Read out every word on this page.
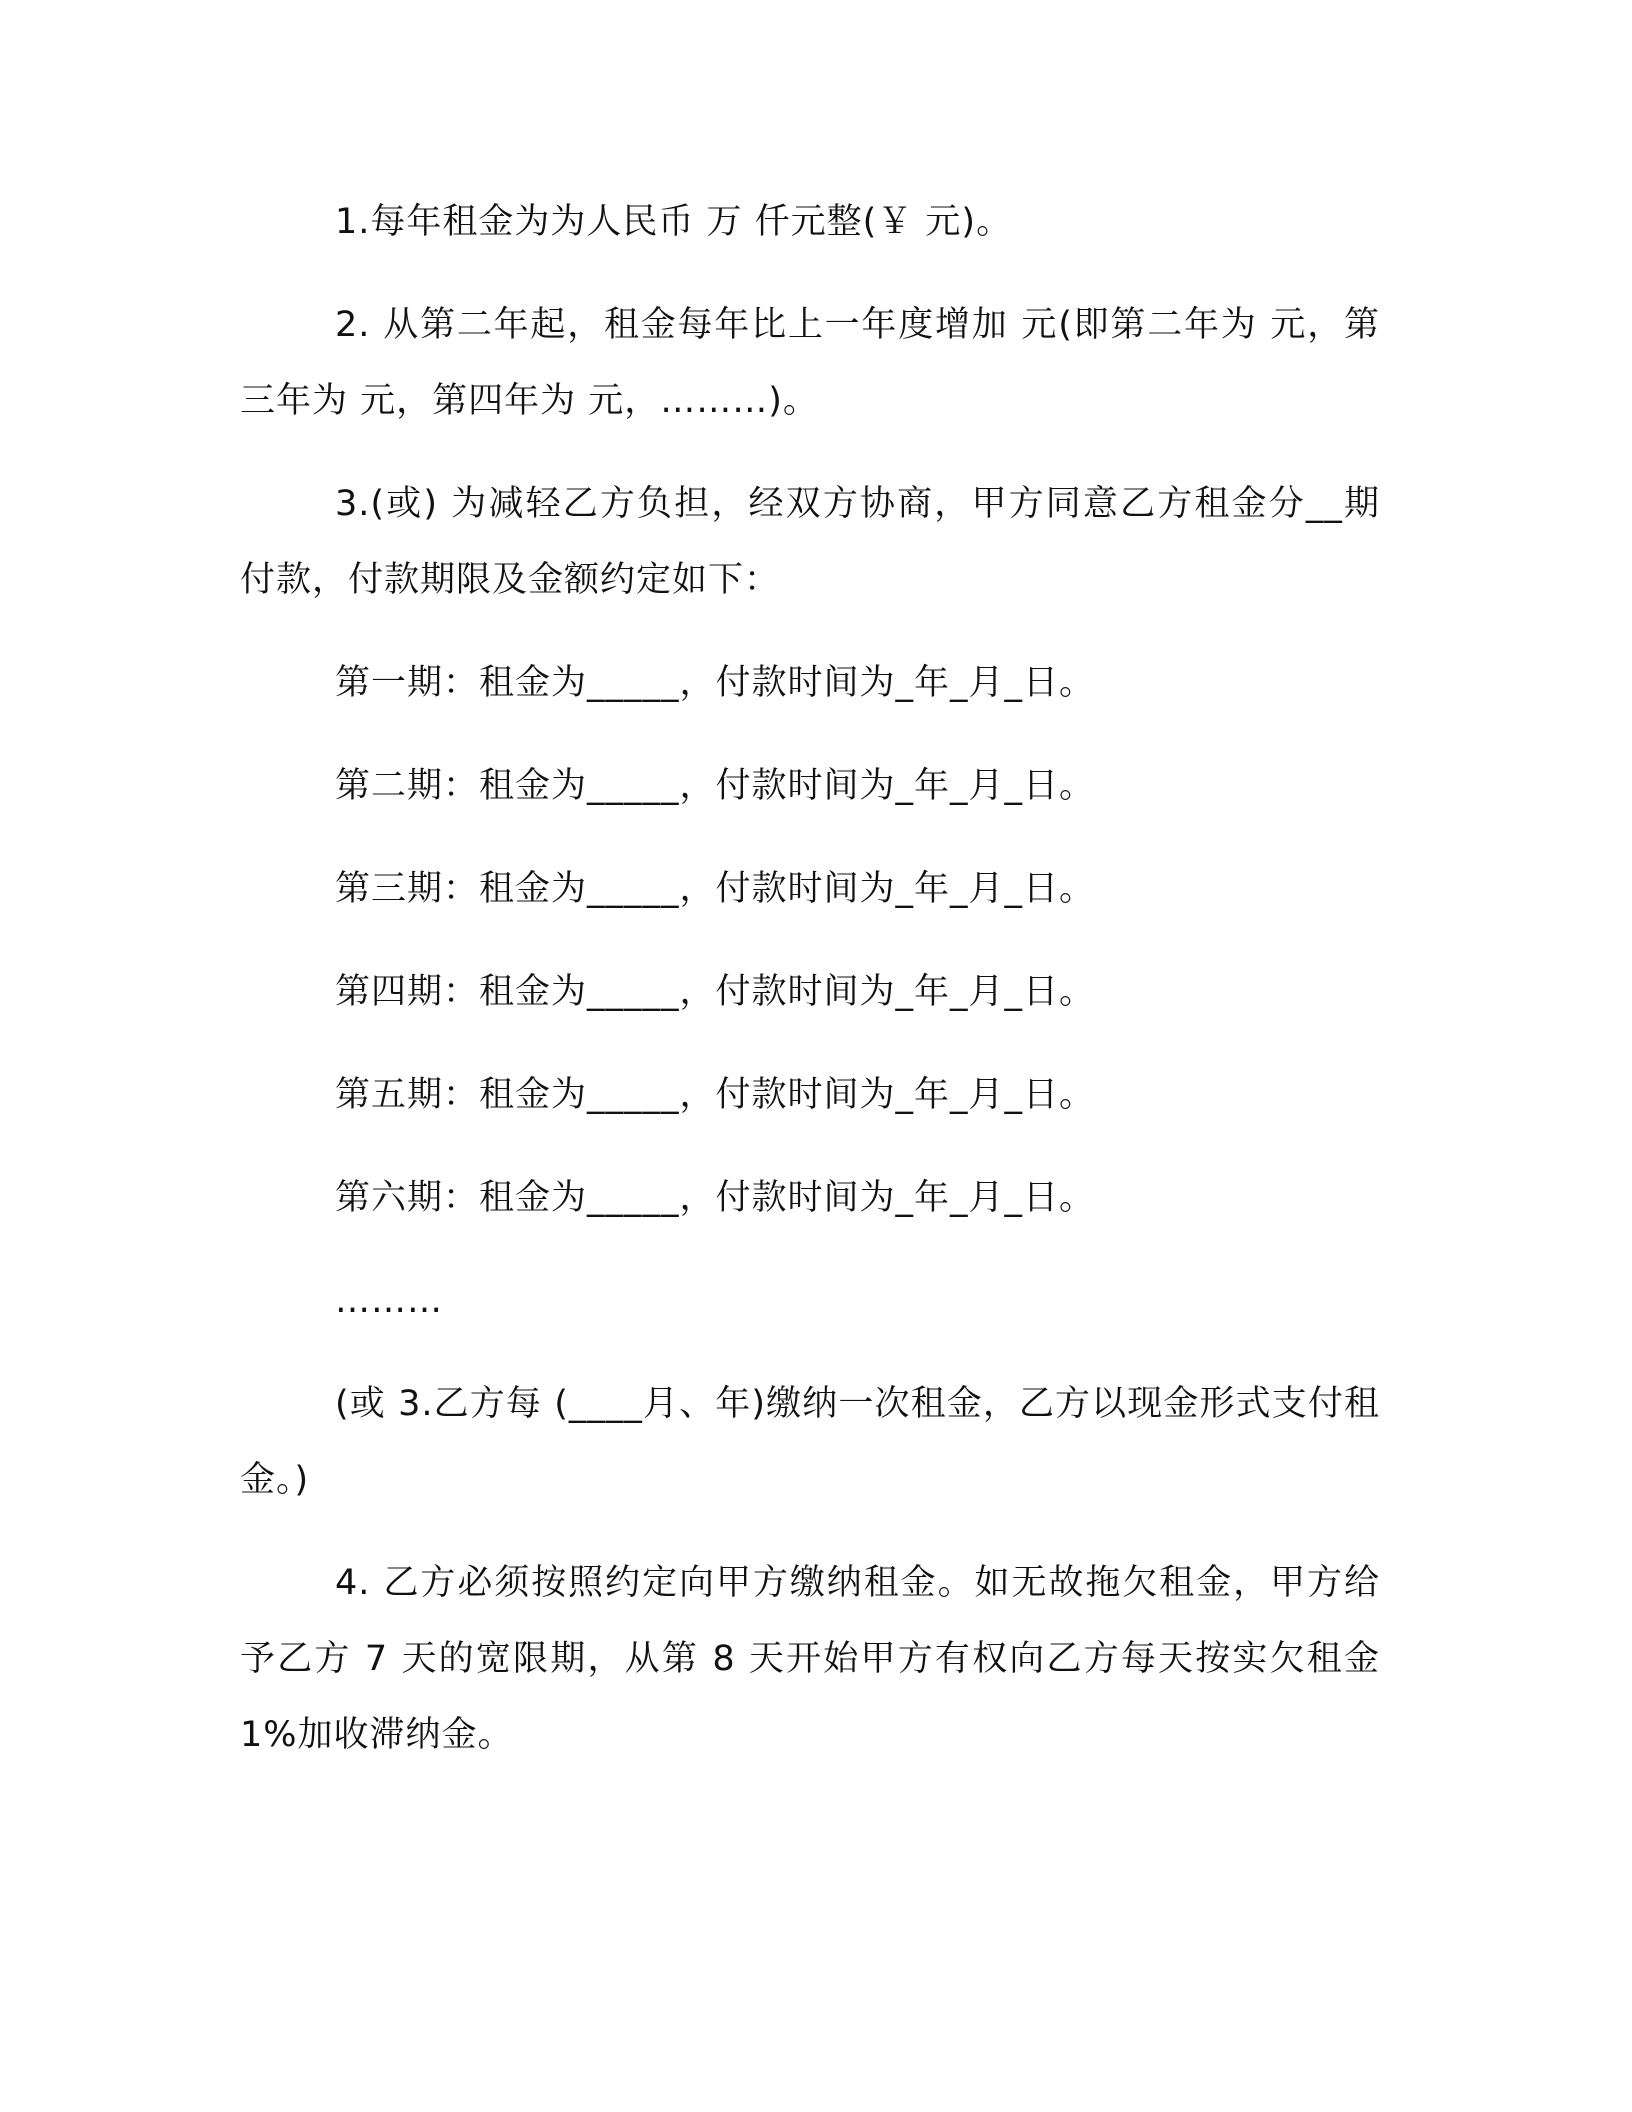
1.每年租金为为人民币 万 仟元整(￥ 元)。

2. 从第二年起，租金每年比上一年度增加 元(即第二年为 元，第三年为 元，第四年为 元，………)。

3.(或) 为减轻乙方负担，经双方协商，甲方同意乙方租金分__期付款，付款期限及金额约定如下：

第一期：租金为_____，付款时间为_年_月_日。

第二期：租金为_____，付款时间为_年_月_日。

第三期：租金为_____，付款时间为_年_月_日。

第四期：租金为_____，付款时间为_年_月_日。

第五期：租金为_____，付款时间为_年_月_日。

第六期：租金为_____，付款时间为_年_月_日。

………

(或 3.乙方每 (____月、年)缴纳一次租金，乙方以现金形式支付租金。)

4. 乙方必须按照约定向甲方缴纳租金。如无故拖欠租金，甲方给予乙方 7 天的宽限期，从第 8 天开始甲方有权向乙方每天按实欠租金 1%加收滞纳金。
